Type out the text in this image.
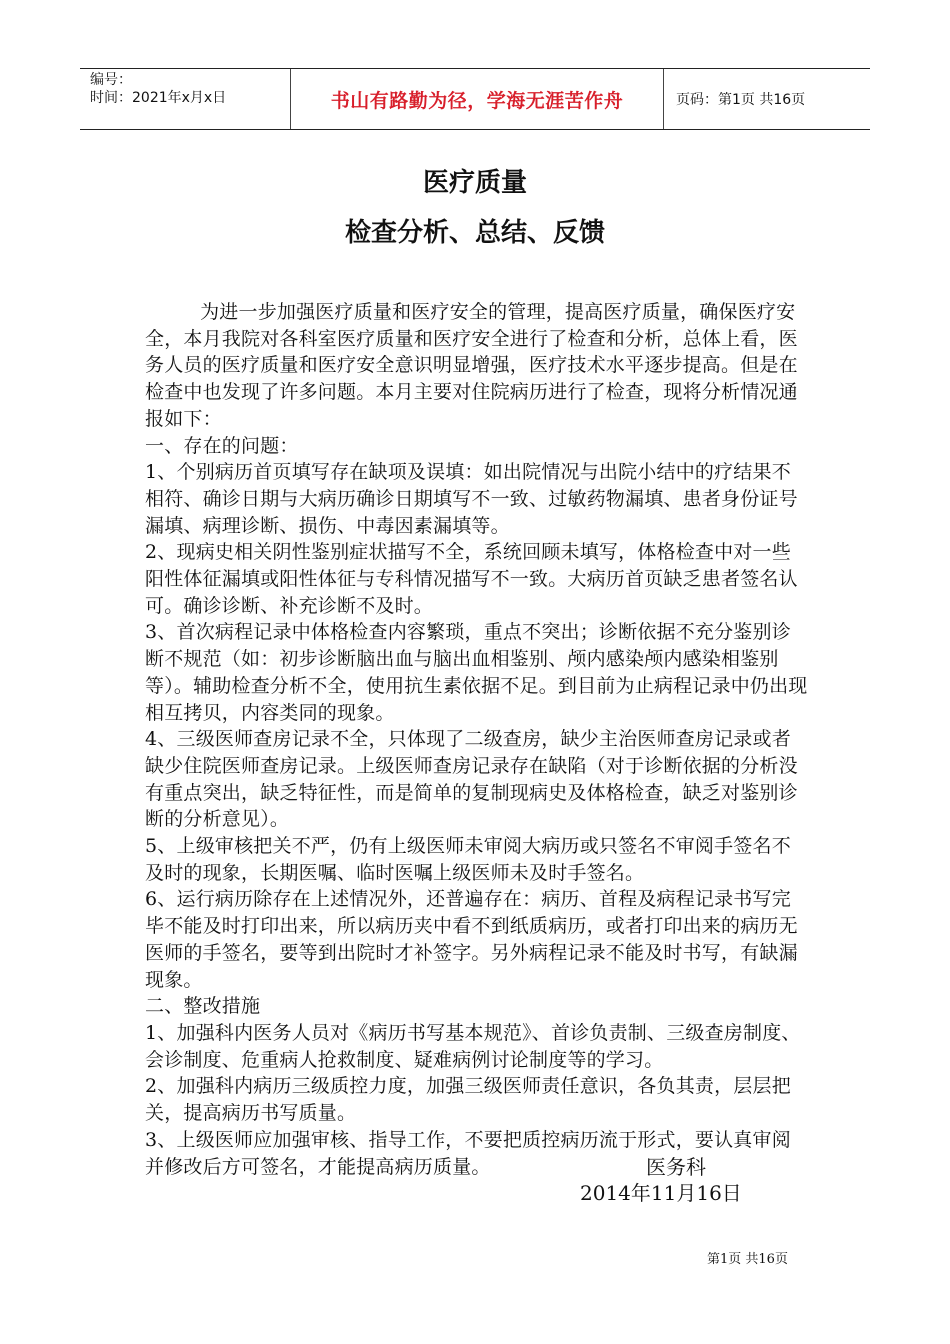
编号：
时间：2021年x月x日	书山有路勤为径，学海无涯苦作舟	页码：第1页 共16页
医疗质量
检查分析、总结、反馈

为进一步加强医疗质量和医疗安全的管理，提高医疗质量，确保医疗安全，本月我院对各科室医疗质量和医疗安全进行了检查和分析，总体上看，医务人员的医疗质量和医疗安全意识明显增强，医疗技术水平逐步提高。但是在检查中也发现了许多问题。本月主要对住院病历进行了检查，现将分析情况通报如下：

一、存在的问题：

1、个别病历首页填写存在缺项及误填：如出院情况与出院小结中的疗结果不相符、确诊日期与大病历确诊日期填写不一致、过敏药物漏填、患者身份证号漏填、病理诊断、损伤、中毒因素漏填等。

2、现病史相关阴性鉴别症状描写不全，系统回顾未填写，体格检查中对一些阳性体征漏填或阳性体征与专科情况描写不一致。大病历首页缺乏患者签名认可。确诊诊断、补充诊断不及时。

3、首次病程记录中体格检查内容繁琐，重点不突出；诊断依据不充分鉴别诊断不规范（如：初步诊断脑出血与脑出血相鉴别、颅内感染颅内感染相鉴别等）。辅助检查分析不全，使用抗生素依据不足。到目前为止病程记录中仍出现相互拷贝，内容类同的现象。

4、三级医师查房记录不全，只体现了二级查房，缺少主治医师查房记录或者缺少住院医师查房记录。上级医师查房记录存在缺陷（对于诊断依据的分析没有重点突出，缺乏特征性，而是简单的复制现病史及体格检查，缺乏对鉴别诊断的分析意见）。

5、上级审核把关不严，仍有上级医师未审阅大病历或只签名不审阅手签名不及时的现象，长期医嘱、临时医嘱上级医师未及时手签名。

6、运行病历除存在上述情况外，还普遍存在：病历、首程及病程记录书写完毕不能及时打印出来，所以病历夹中看不到纸质病历，或者打印出来的病历无医师的手签名，要等到出院时才补签字。另外病程记录不能及时书写，有缺漏现象。

二、整改措施

1、加强科内医务人员对《病历书写基本规范》、首诊负责制、三级查房制度、会诊制度、危重病人抢救制度、疑难病例讨论制度等的学习。

2、加强科内病历三级质控力度，加强三级医师责任意识，各负其责，层层把关，提高病历书写质量。

3、上级医师应加强审核、指导工作，不要把质控病历流于形式，要认真审阅并修改后方可签名，才能提高病历质量。	医务科
2014年11月16日
第1页 共16页
